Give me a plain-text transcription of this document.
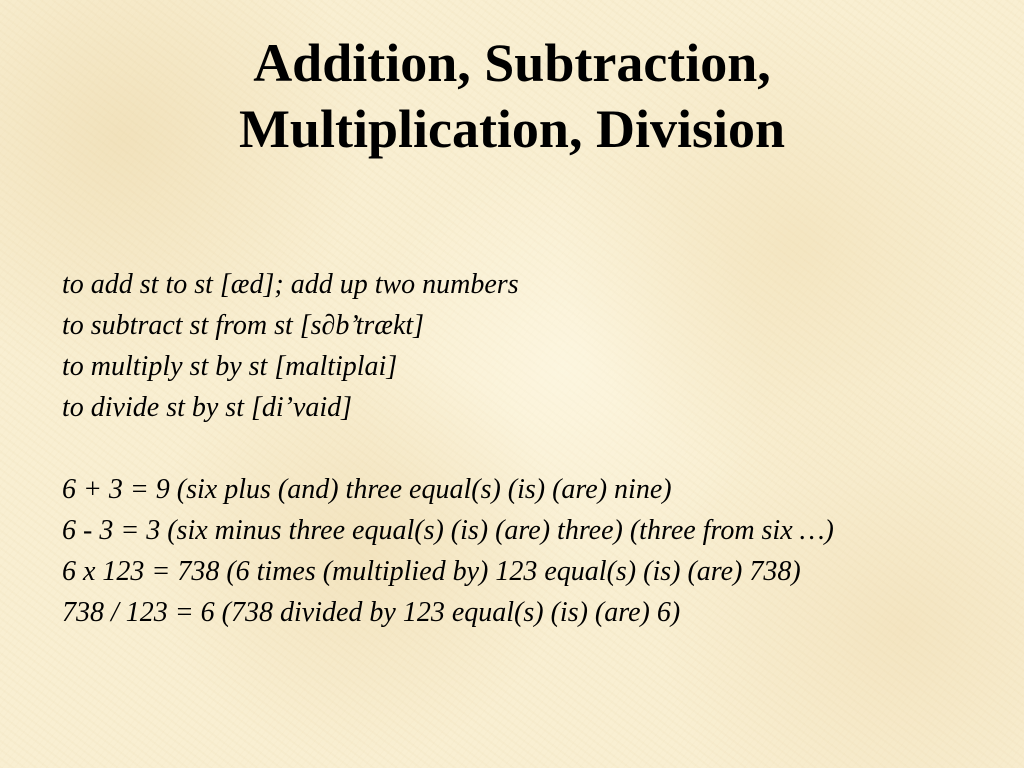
Addition, Subtraction,
Multiplication, Division
to add st to st [æd]; add up two numbers
to subtract st from st [s∂b’trækt]
to multiply st by st [maltiplai]
to divide st by st [di’vaid]
6 + 3 = 9 (six plus (and) three equal(s) (is) (are) nine)
6 - 3 = 3 (six minus three equal(s) (is) (are) three) (three from six …)
6 x 123 = 738 (6 times (multiplied by) 123 equal(s) (is) (are) 738)
738 / 123 = 6 (738 divided by 123 equal(s) (is) (are) 6)
